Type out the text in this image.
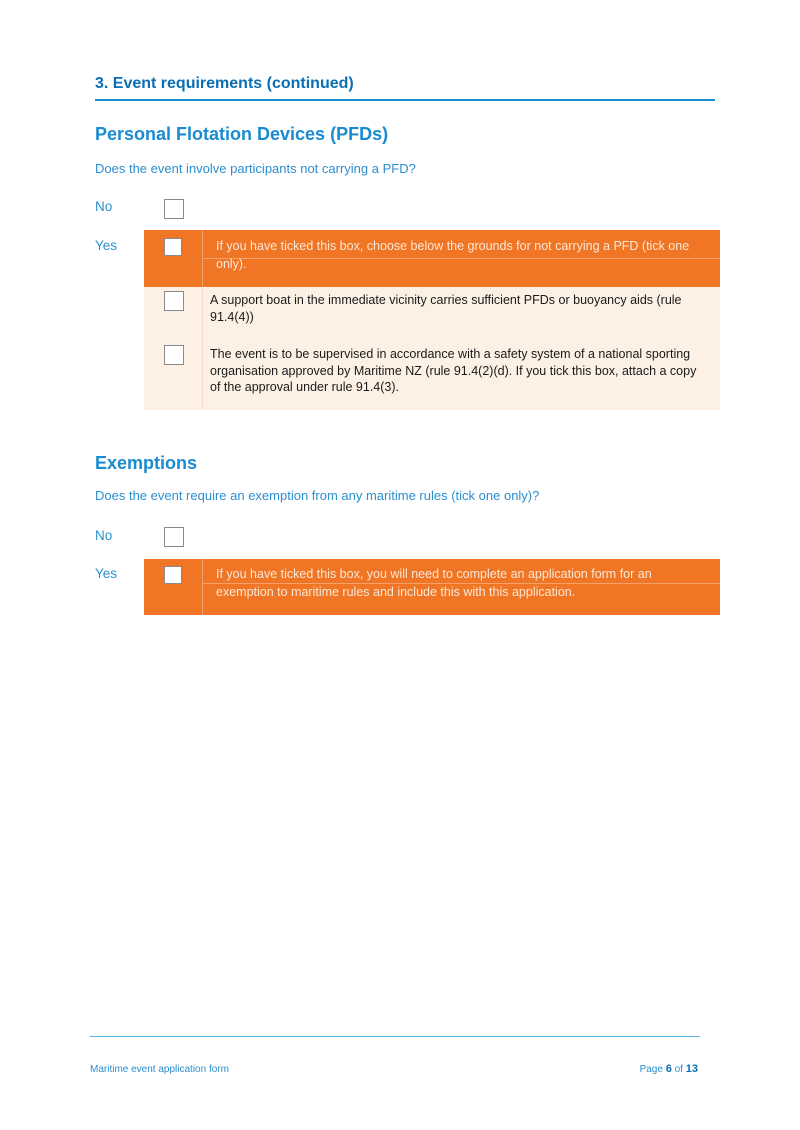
3. Event requirements (continued)
Personal Flotation Devices (PFDs)
Does the event involve participants not carrying a PFD?
No
Yes	If you have ticked this box, choose below the grounds for not carrying a PFD (tick one only).
A support boat in the immediate vicinity carries sufficient PFDs or buoyancy aids (rule 91.4(4))
The event is to be supervised in accordance with a safety system of a national sporting organisation approved by Maritime NZ (rule 91.4(2)(d). If you tick this box, attach a copy of the approval under rule 91.4(3).
Exemptions
Does the event require an exemption from any maritime rules (tick one only)?
No
Yes	If you have ticked this box, you will need to complete an application form for an exemption to maritime rules and include this with this application.
Maritime event application form	Page 6 of 13
